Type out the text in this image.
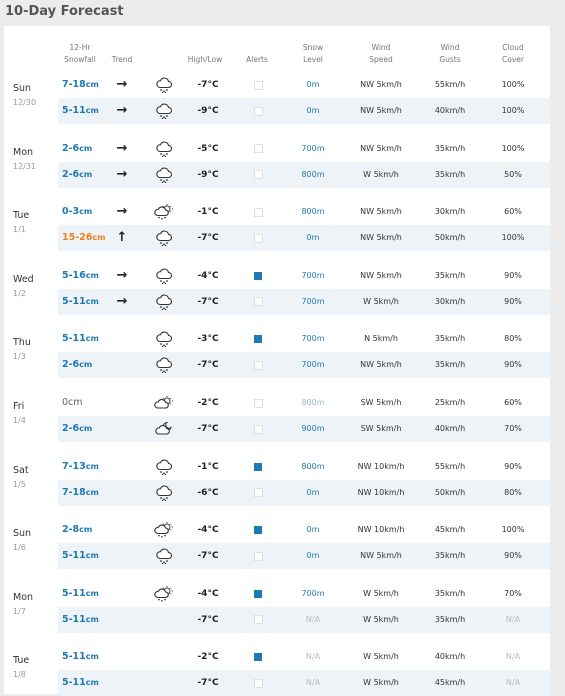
10-Day Forecast
12-Hr
Snowfall Trend	High/Low	Alerts
Snow
Level
Wind
Speed
Wind
Gusts
Cloud
Cover
Sun
12/30
7-18cm →	-7°C	0m	NW 5km/h	55km/h	100%
5-11cm →	-9°C	0m	NW 5km/h	40km/h	100%
Mon
12/31
2-6cm →	-5°C	700m	NW 5km/h	35km/h	100%
2-6cm →	-9°C	800m	W 5km/h	35km/h	50%
Tue
1/1
0-3cm →	-1°C	800m	NW 5km/h	30km/h	60%
15-26cm ↑	-7°C	0m	NW 5km/h	50km/h	100%
Wed
1/2
5-16cm →	-4°C	700m	NW 5km/h	35km/h	90%
5-11cm →	-7°C	700m	W 5km/h	30km/h	90%
Thu
1/3
5-11cm	-3°C	700m	N 5km/h	35km/h	80%
2-6cm	-7°C	700m	NW 5km/h	35km/h	90%
Fri
1/4
0cm	-2°C	800m	SW 5km/h	25km/h	60%
2-6cm	-7°C	900m	SW 5km/h	40km/h	70%
Sat
1/5
7-13cm	-1°C	800m	NW 10km/h	55km/h	90%
7-18cm	-6°C	0m	NW 10km/h	50km/h	80%
Sun
1/6
2-8cm	-4°C	0m	NW 10km/h	45km/h	100%
5-11cm	-7°C	0m	NW 5km/h	35km/h	90%
Mon
1/7
5-11cm	-4°C	700m	W 5km/h	35km/h	70%
5-11cm	-7°C	N/A	W 5km/h	35km/h	N/A
Tue
1/8
5-11cm	-2°C	N/A	W 5km/h	40km/h	N/A
5-11cm	-7°C	N/A	W 5km/h	45km/h	N/A
